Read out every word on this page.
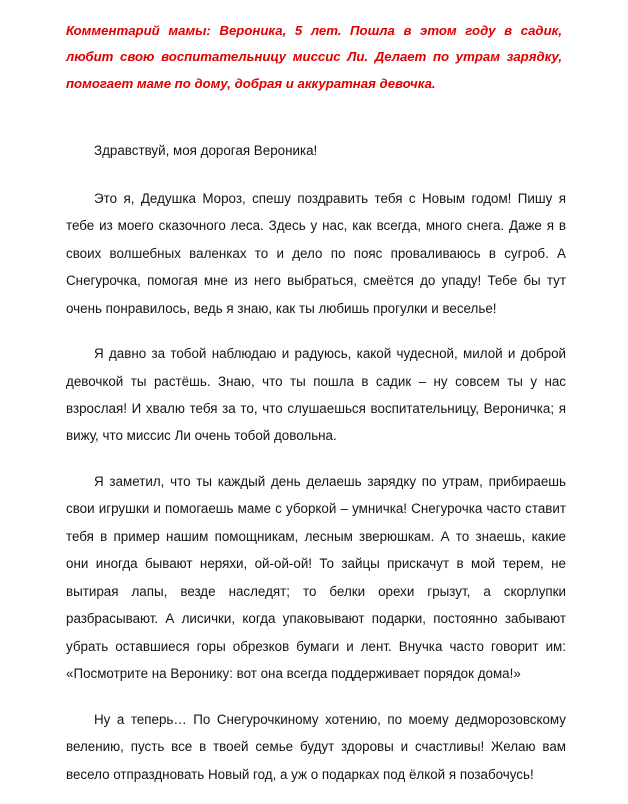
Комментарий мамы: Вероника, 5 лет. Пошла в этом году в садик, любит свою воспитательницу миссис Ли. Делает по утрам зарядку, помогает маме по дому, добрая и аккуратная девочка.

Здравствуй, моя дорогая Вероника!

Это я, Дедушка Мороз, спешу поздравить тебя с Новым годом! Пишу я тебе из моего сказочного леса. Здесь у нас, как всегда, много снега. Даже я в своих волшебных валенках то и дело по пояс проваливаюсь в сугроб. А Снегурочка, помогая мне из него выбраться, смеётся до упаду! Тебе бы тут очень понравилось, ведь я знаю, как ты любишь прогулки и веселье!

Я давно за тобой наблюдаю и радуюсь, какой чудесной, милой и доброй девочкой ты растёшь. Знаю, что ты пошла в садик – ну совсем ты у нас взрослая! И хвалю тебя за то, что слушаешься воспитательницу, Вероничка; я вижу, что миссис Ли очень тобой довольна.

Я заметил, что ты каждый день делаешь зарядку по утрам, прибираешь свои игрушки и помогаешь маме с уборкой – умничка! Снегурочка часто ставит тебя в пример нашим помощникам, лесным зверюшкам. А то знаешь, какие они иногда бывают неряхи, ой-ой-ой! То зайцы прискачут в мой терем, не вытирая лапы, везде наследят; то белки орехи грызут, а скорлупки разбрасывают. А лисички, когда упаковывают подарки, постоянно забывают убрать оставшиеся горы обрезков бумаги и лент. Внучка часто говорит им: «Посмотрите на Веронику: вот она всегда поддерживает порядок дома!»

Ну а теперь… По Снегурочкиному хотению, по моему дедморозовскому велению, пусть все в твоей семье будут здоровы и счастливы! Желаю вам весело отпраздновать Новый год, а уж о подарках под ёлкой я позабочусь!
